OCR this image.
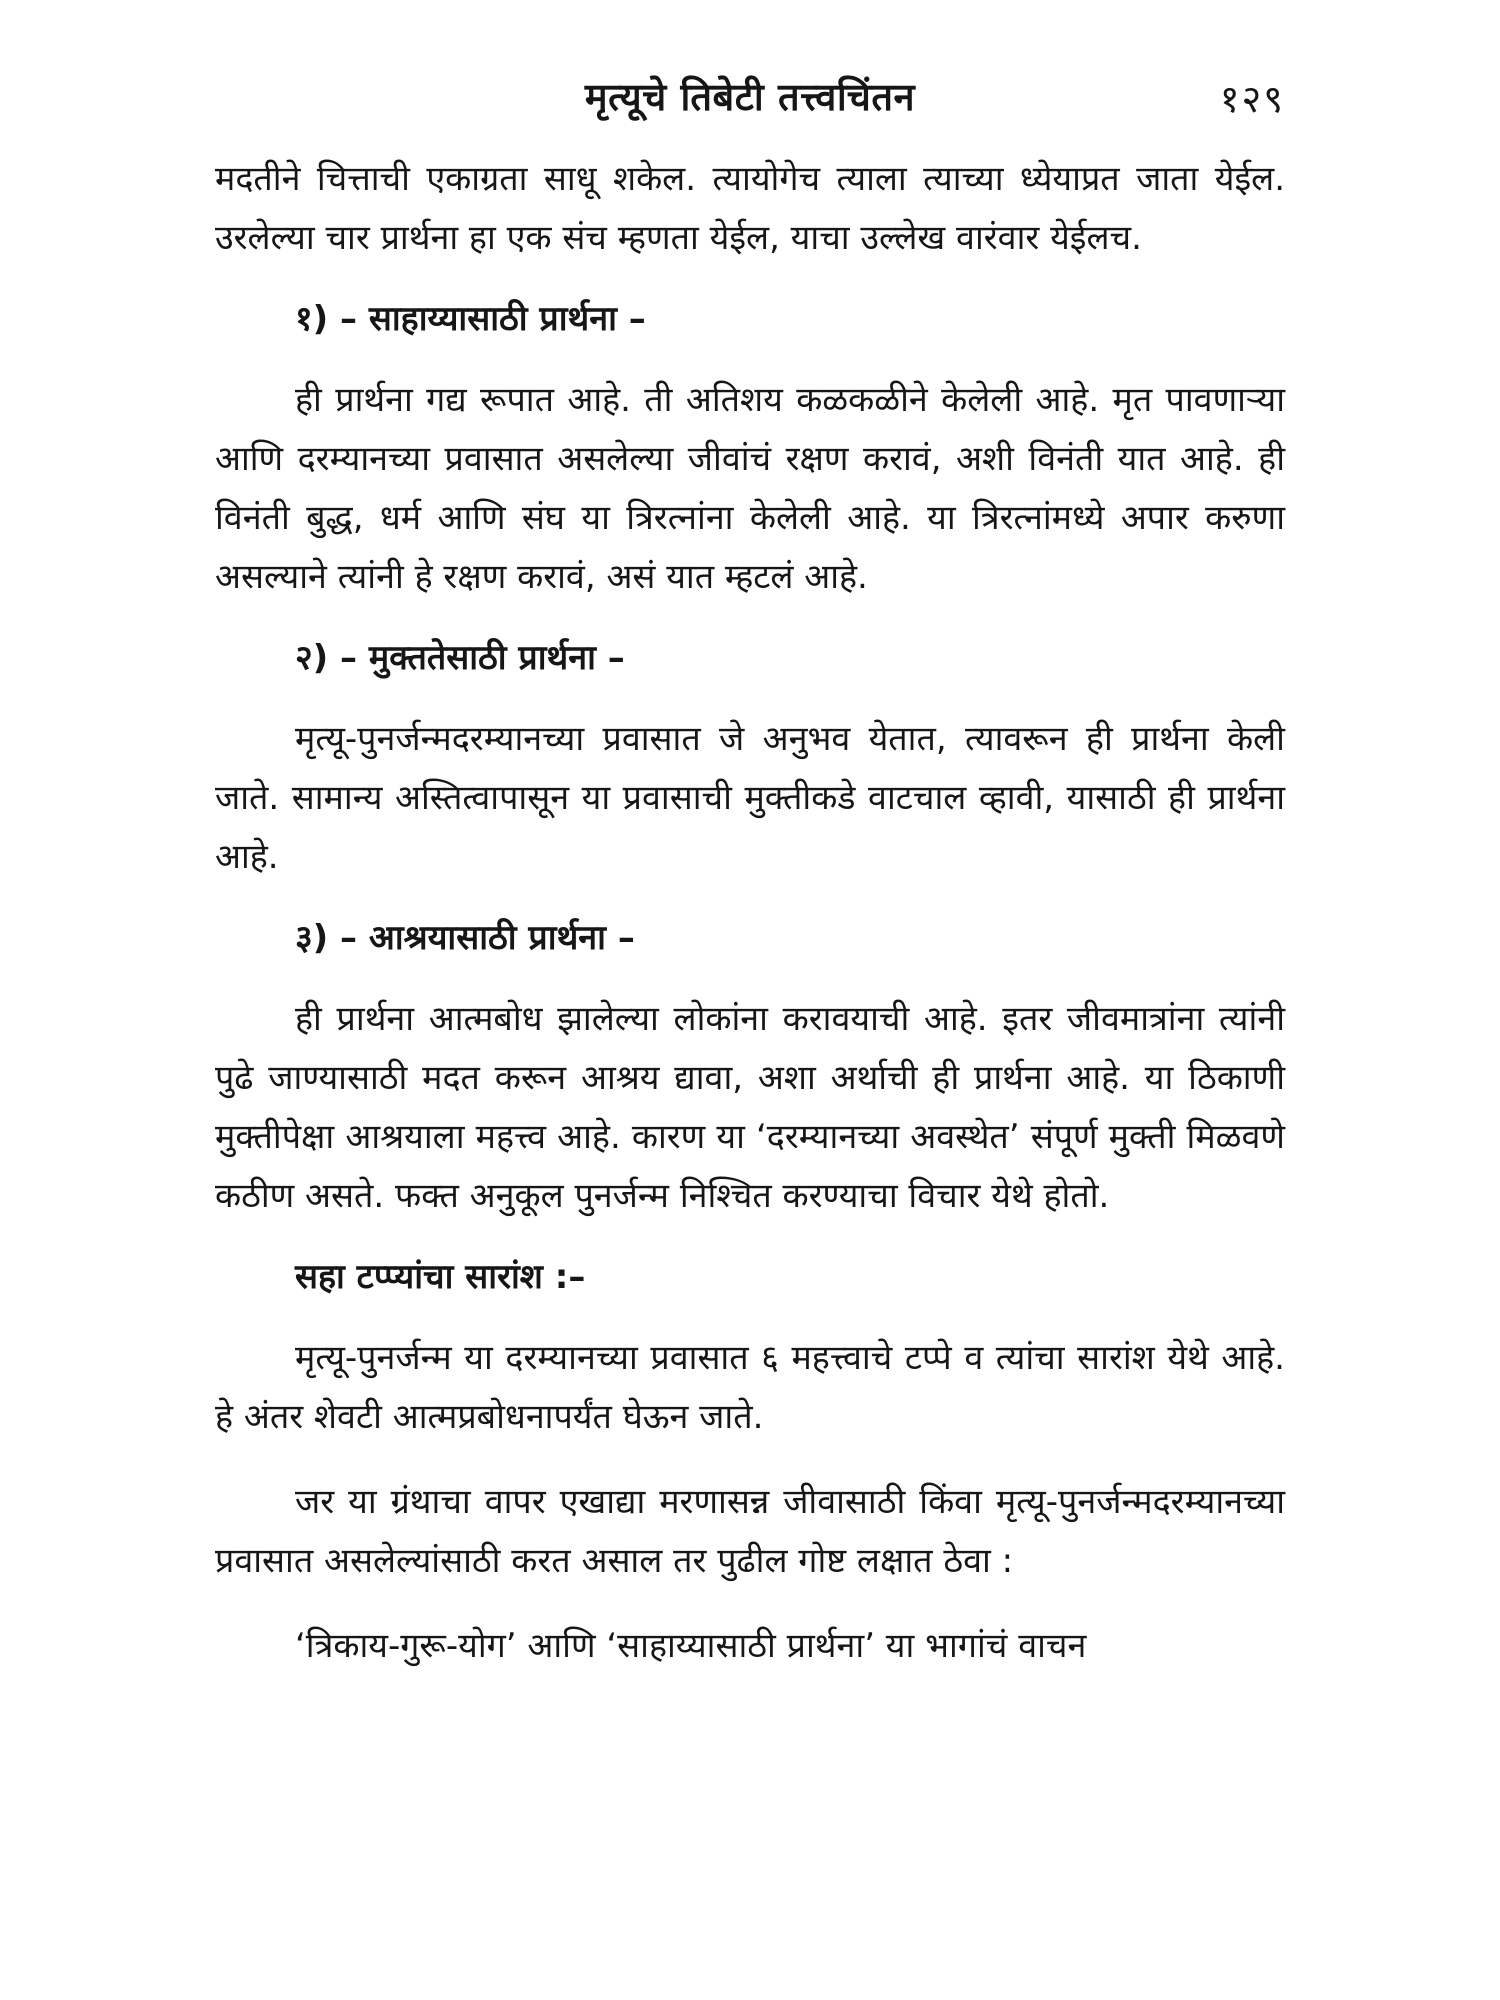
मृत्यूचे तिबेटी तत्त्वचिंतन	१२९

मदतीने चित्ताची एकाग्रता साधू शकेल. त्यायोगेच त्याला त्याच्या ध्येयाप्रत जाता येईल. उरलेल्या चार प्रार्थना हा एक संच म्हणता येईल, याचा उल्लेख वारंवार येईलच.

१) – साहाय्यासाठी प्रार्थना –

ही प्रार्थना गद्य रूपात आहे. ती अतिशय कळकळीने केलेली आहे. मृत पावणाऱ्या आणि दरम्यानच्या प्रवासात असलेल्या जीवांचं रक्षण करावं, अशी विनंती यात आहे. ही विनंती बुद्ध, धर्म आणि संघ या त्रिरत्नांना केलेली आहे. या त्रिरत्नांमध्ये अपार करुणा असल्याने त्यांनी हे रक्षण करावं, असं यात म्हटलं आहे.

२) – मुक्ततेसाठी प्रार्थना –

मृत्यू-पुनर्जन्मदरम्यानच्या प्रवासात जे अनुभव येतात, त्यावरून ही प्रार्थना केली जाते. सामान्य अस्तित्वापासून या प्रवासाची मुक्तीकडे वाटचाल व्हावी, यासाठी ही प्रार्थना आहे.

३) – आश्रयासाठी प्रार्थना –

ही प्रार्थना आत्मबोध झालेल्या लोकांना करावयाची आहे. इतर जीवमात्रांना त्यांनी पुढे जाण्यासाठी मदत करून आश्रय द्यावा, अशा अर्थाची ही प्रार्थना आहे. या ठिकाणी मुक्तीपेक्षा आश्रयाला महत्त्व आहे. कारण या ‘दरम्यानच्या अवस्थेत’ संपूर्ण मुक्ती मिळवणे कठीण असते. फक्त अनुकूल पुनर्जन्म निश्चित करण्याचा विचार येथे होतो.

सहा टप्प्यांचा सारांश :–

मृत्यू-पुनर्जन्म या दरम्यानच्या प्रवासात ६ महत्त्वाचे टप्पे व त्यांचा सारांश येथे आहे. हे अंतर शेवटी आत्मप्रबोधनापर्यंत घेऊन जाते.

जर या ग्रंथाचा वापर एखाद्या मरणासन्न जीवासाठी किंवा मृत्यू-पुनर्जन्मदरम्यानच्या प्रवासात असलेल्यांसाठी करत असाल तर पुढील गोष्ट लक्षात ठेवा :

‘त्रिकाय-गुरू-योग’ आणि ‘साहाय्यासाठी प्रार्थना’ या भागांचं वाचन
